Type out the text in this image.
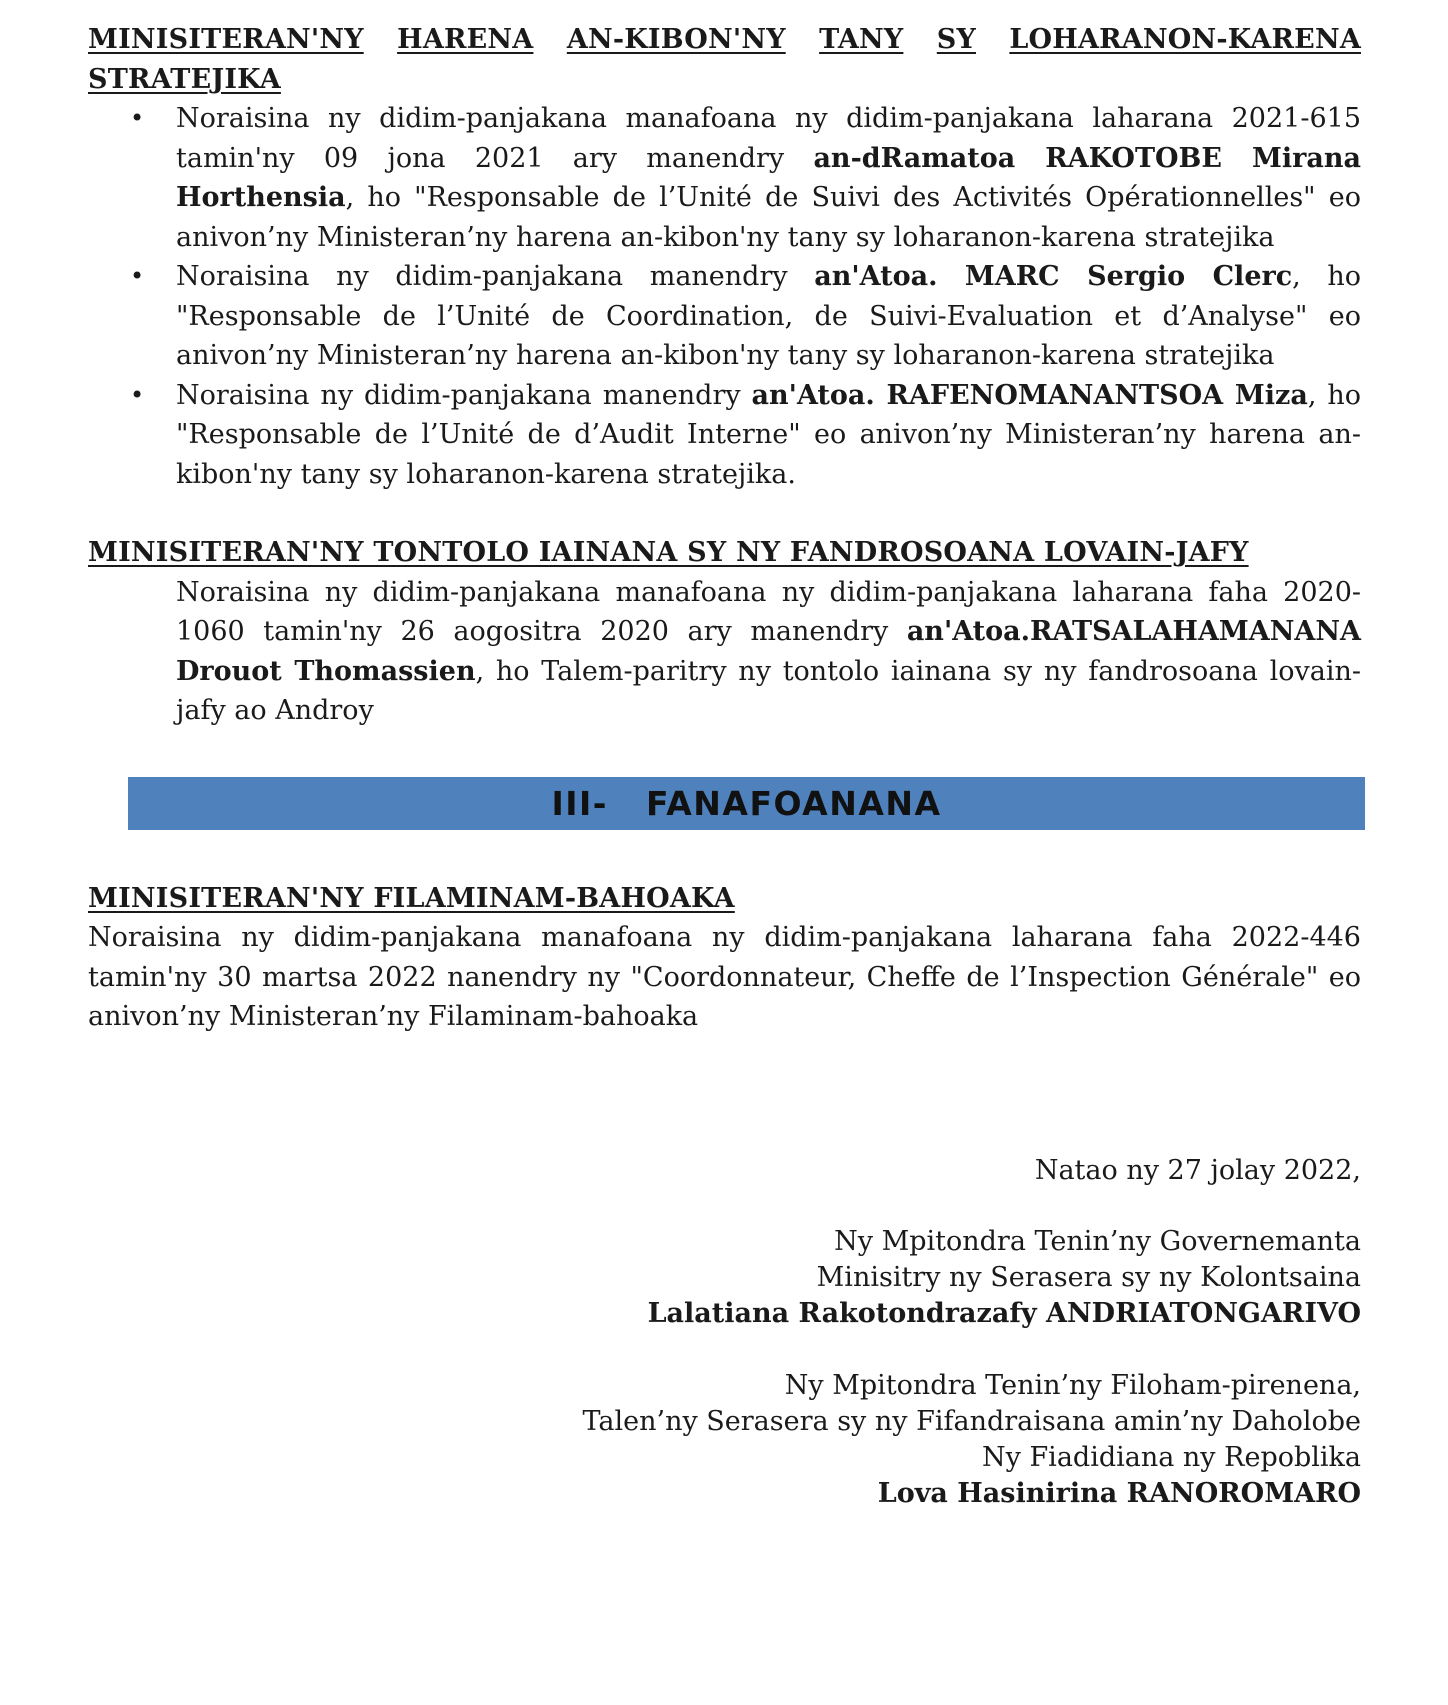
MINISITERAN'NY HARENA AN-KIBON'NY TANY SY LOHARANON-KARENA
STRATEJIKA
• Noraisina ny didim-panjakana manafoana ny didim-panjakana laharana 2021-615 tamin'ny 09 jona 2021 ary manendry an-dRamatoa RAKOTOBE Mirana Horthensia, ho "Responsable de l’Unité de Suivi des Activités Opérationnelles" eo anivon’ny Ministeran’ny harena an-kibon'ny tany sy loharanon-karena stratejika
• Noraisina ny didim-panjakana manendry an'Atoa. MARC Sergio Clerc, ho "Responsable de l’Unité de Coordination, de Suivi-Evaluation et d’Analyse" eo anivon’ny Ministeran’ny harena an-kibon'ny tany sy loharanon-karena stratejika
• Noraisina ny didim-panjakana manendry an'Atoa. RAFENOMANANTSOA Miza, ho "Responsable de l’Unité de d’Audit Interne" eo anivon’ny Ministeran’ny harena an-kibon'ny tany sy loharanon-karena stratejika.
MINISITERAN'NY TONTOLO IAINANA SY NY FANDROSOANA LOVAIN-JAFY
Noraisina ny didim-panjakana manafoana ny didim-panjakana laharana faha 2020-1060 tamin'ny 26 aogositra 2020 ary manendry an'Atoa.RATSALAHAMANANA Drouot Thomassien, ho Talem-paritry ny tontolo iainana sy ny fandrosoana lovain-jafy ao Androy
MINISITERAN'NY FILAMINAM-BAHOAKA
Noraisina ny didim-panjakana manafoana ny didim-panjakana laharana faha 2022-446 tamin'ny 30 martsa 2022 nanendry ny "Coordonnateur, Cheffe de l’Inspection Générale" eo anivon’ny Ministeran’ny Filaminam-bahoaka
Natao ny 27 jolay 2022,
Ny Mpitondra Tenin’ny Governemanta
Minisitry ny Serasera sy ny Kolontsaina
Lalatiana Rakotondrazafy ANDRIATONGARIVO
Ny Mpitondra Tenin’ny Filoham-pirenena,
Talen’ny Serasera sy ny Fifandraisana amin’ny Daholobe
Ny Fiadidiana ny Repoblika
Lova Hasinirina RANOROMARO
III- FANAFOANANA
